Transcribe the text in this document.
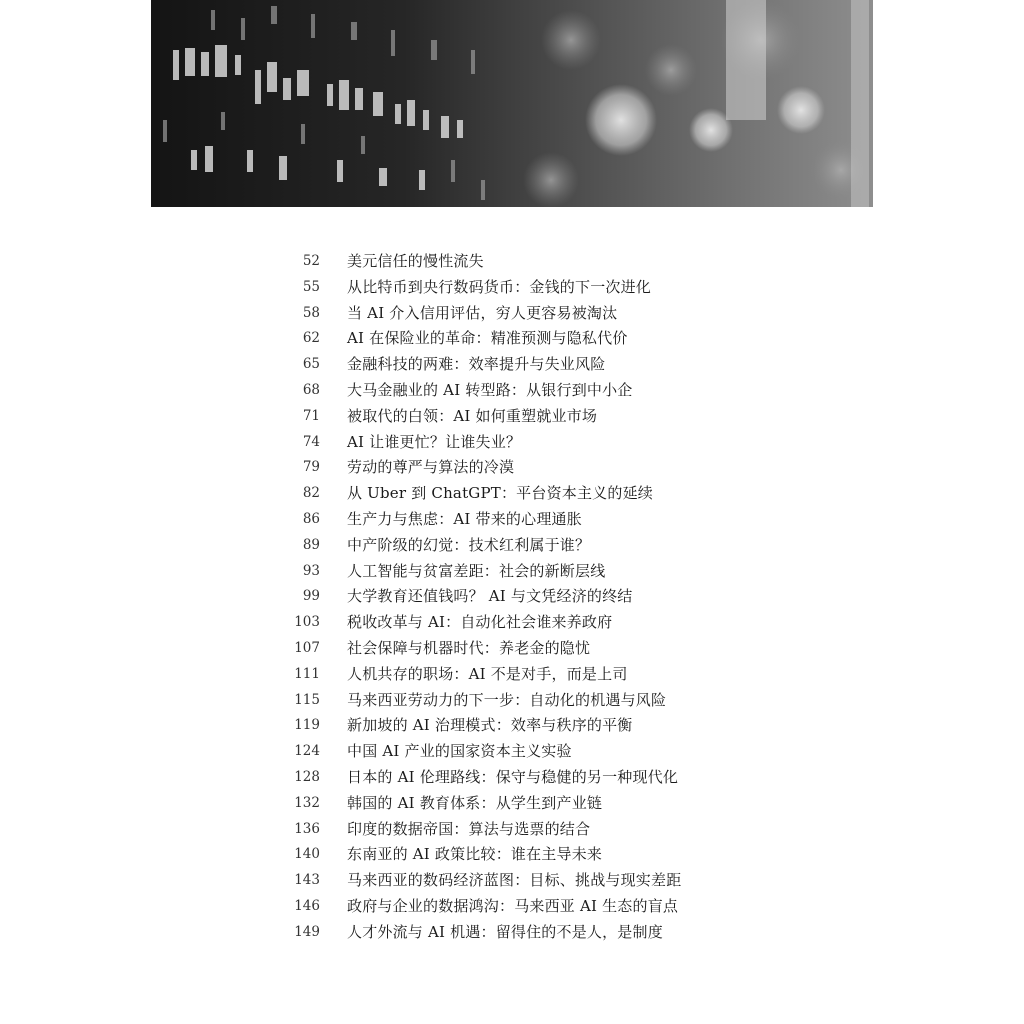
52 美元信任的慢性流失
55 从比特币到央行数码货币：金钱的下一次进化
58 当 AI 介入信用评估，穷人更容易被淘汰
62 AI 在保险业的革命：精准预测与隐私代价
65 金融科技的两难：效率提升与失业风险
68 大马金融业的 AI 转型路：从银行到中小企
71 被取代的白领：AI 如何重塑就业市场
74 AI 让谁更忙？让谁失业？
79 劳动的尊严与算法的冷漠
82 从 Uber 到 ChatGPT：平台资本主义的延续
86 生产力与焦虑：AI 带来的心理通胀
89 中产阶级的幻觉：技术红利属于谁？
93 人工智能与贫富差距：社会的新断层线
99 大学教育还值钱吗？ AI 与文凭经济的终结
103 税收改革与 AI：自动化社会谁来养政府
107 社会保障与机器时代：养老金的隐忧
111 人机共存的职场：AI 不是对手，而是上司
115 马来西亚劳动力的下一步：自动化的机遇与风险
119 新加坡的 AI 治理模式：效率与秩序的平衡
124 中国 AI 产业的国家资本主义实验
128 日本的 AI 伦理路线：保守与稳健的另一种现代化
132 韩国的 AI 教育体系：从学生到产业链
136 印度的数据帝国：算法与选票的结合
140 东南亚的 AI 政策比较：谁在主导未来
143 马来西亚的数码经济蓝图：目标、挑战与现实差距
146 政府与企业的数据鸿沟：马来西亚 AI 生态的盲点
149 人才外流与 AI 机遇：留得住的不是人，是制度
